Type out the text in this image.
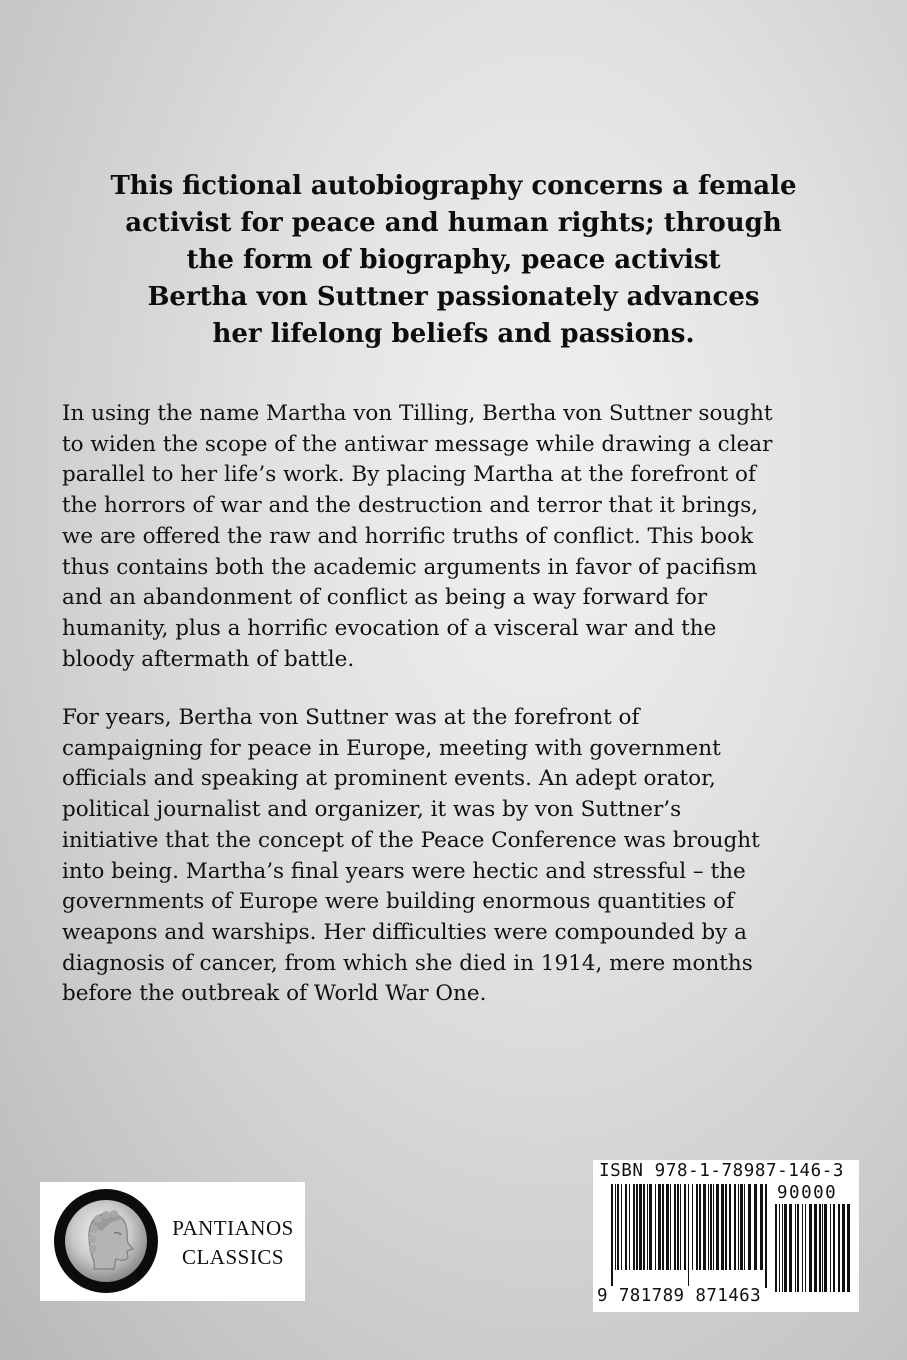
This fictional autobiography concerns a female
activist for peace and human rights; through
the form of biography, peace activist
Bertha von Suttner passionately advances
her lifelong beliefs and passions.
In using the name Martha von Tilling, Bertha von Suttner sought
to widen the scope of the antiwar message while drawing a clear
parallel to her life’s work. By placing Martha at the forefront of
the horrors of war and the destruction and terror that it brings,
we are offered the raw and horrific truths of conflict. This book
thus contains both the academic arguments in favor of pacifism
and an abandonment of conflict as being a way forward for
humanity, plus a horrific evocation of a visceral war and the
bloody aftermath of battle.
For years, Bertha von Suttner was at the forefront of
campaigning for peace in Europe, meeting with government
officials and speaking at prominent events. An adept orator,
political journalist and organizer, it was by von Suttner’s
initiative that the concept of the Peace Conference was brought
into being. Martha’s final years were hectic and stressful – the
governments of Europe were building enormous quantities of
weapons and warships. Her difficulties were compounded by a
diagnosis of cancer, from which she died in 1914, mere months
before the outbreak of World War One.
PANTIANOS
CLASSICS
ISBN 978-1-78987-146-3
90000
9 781789 871463
